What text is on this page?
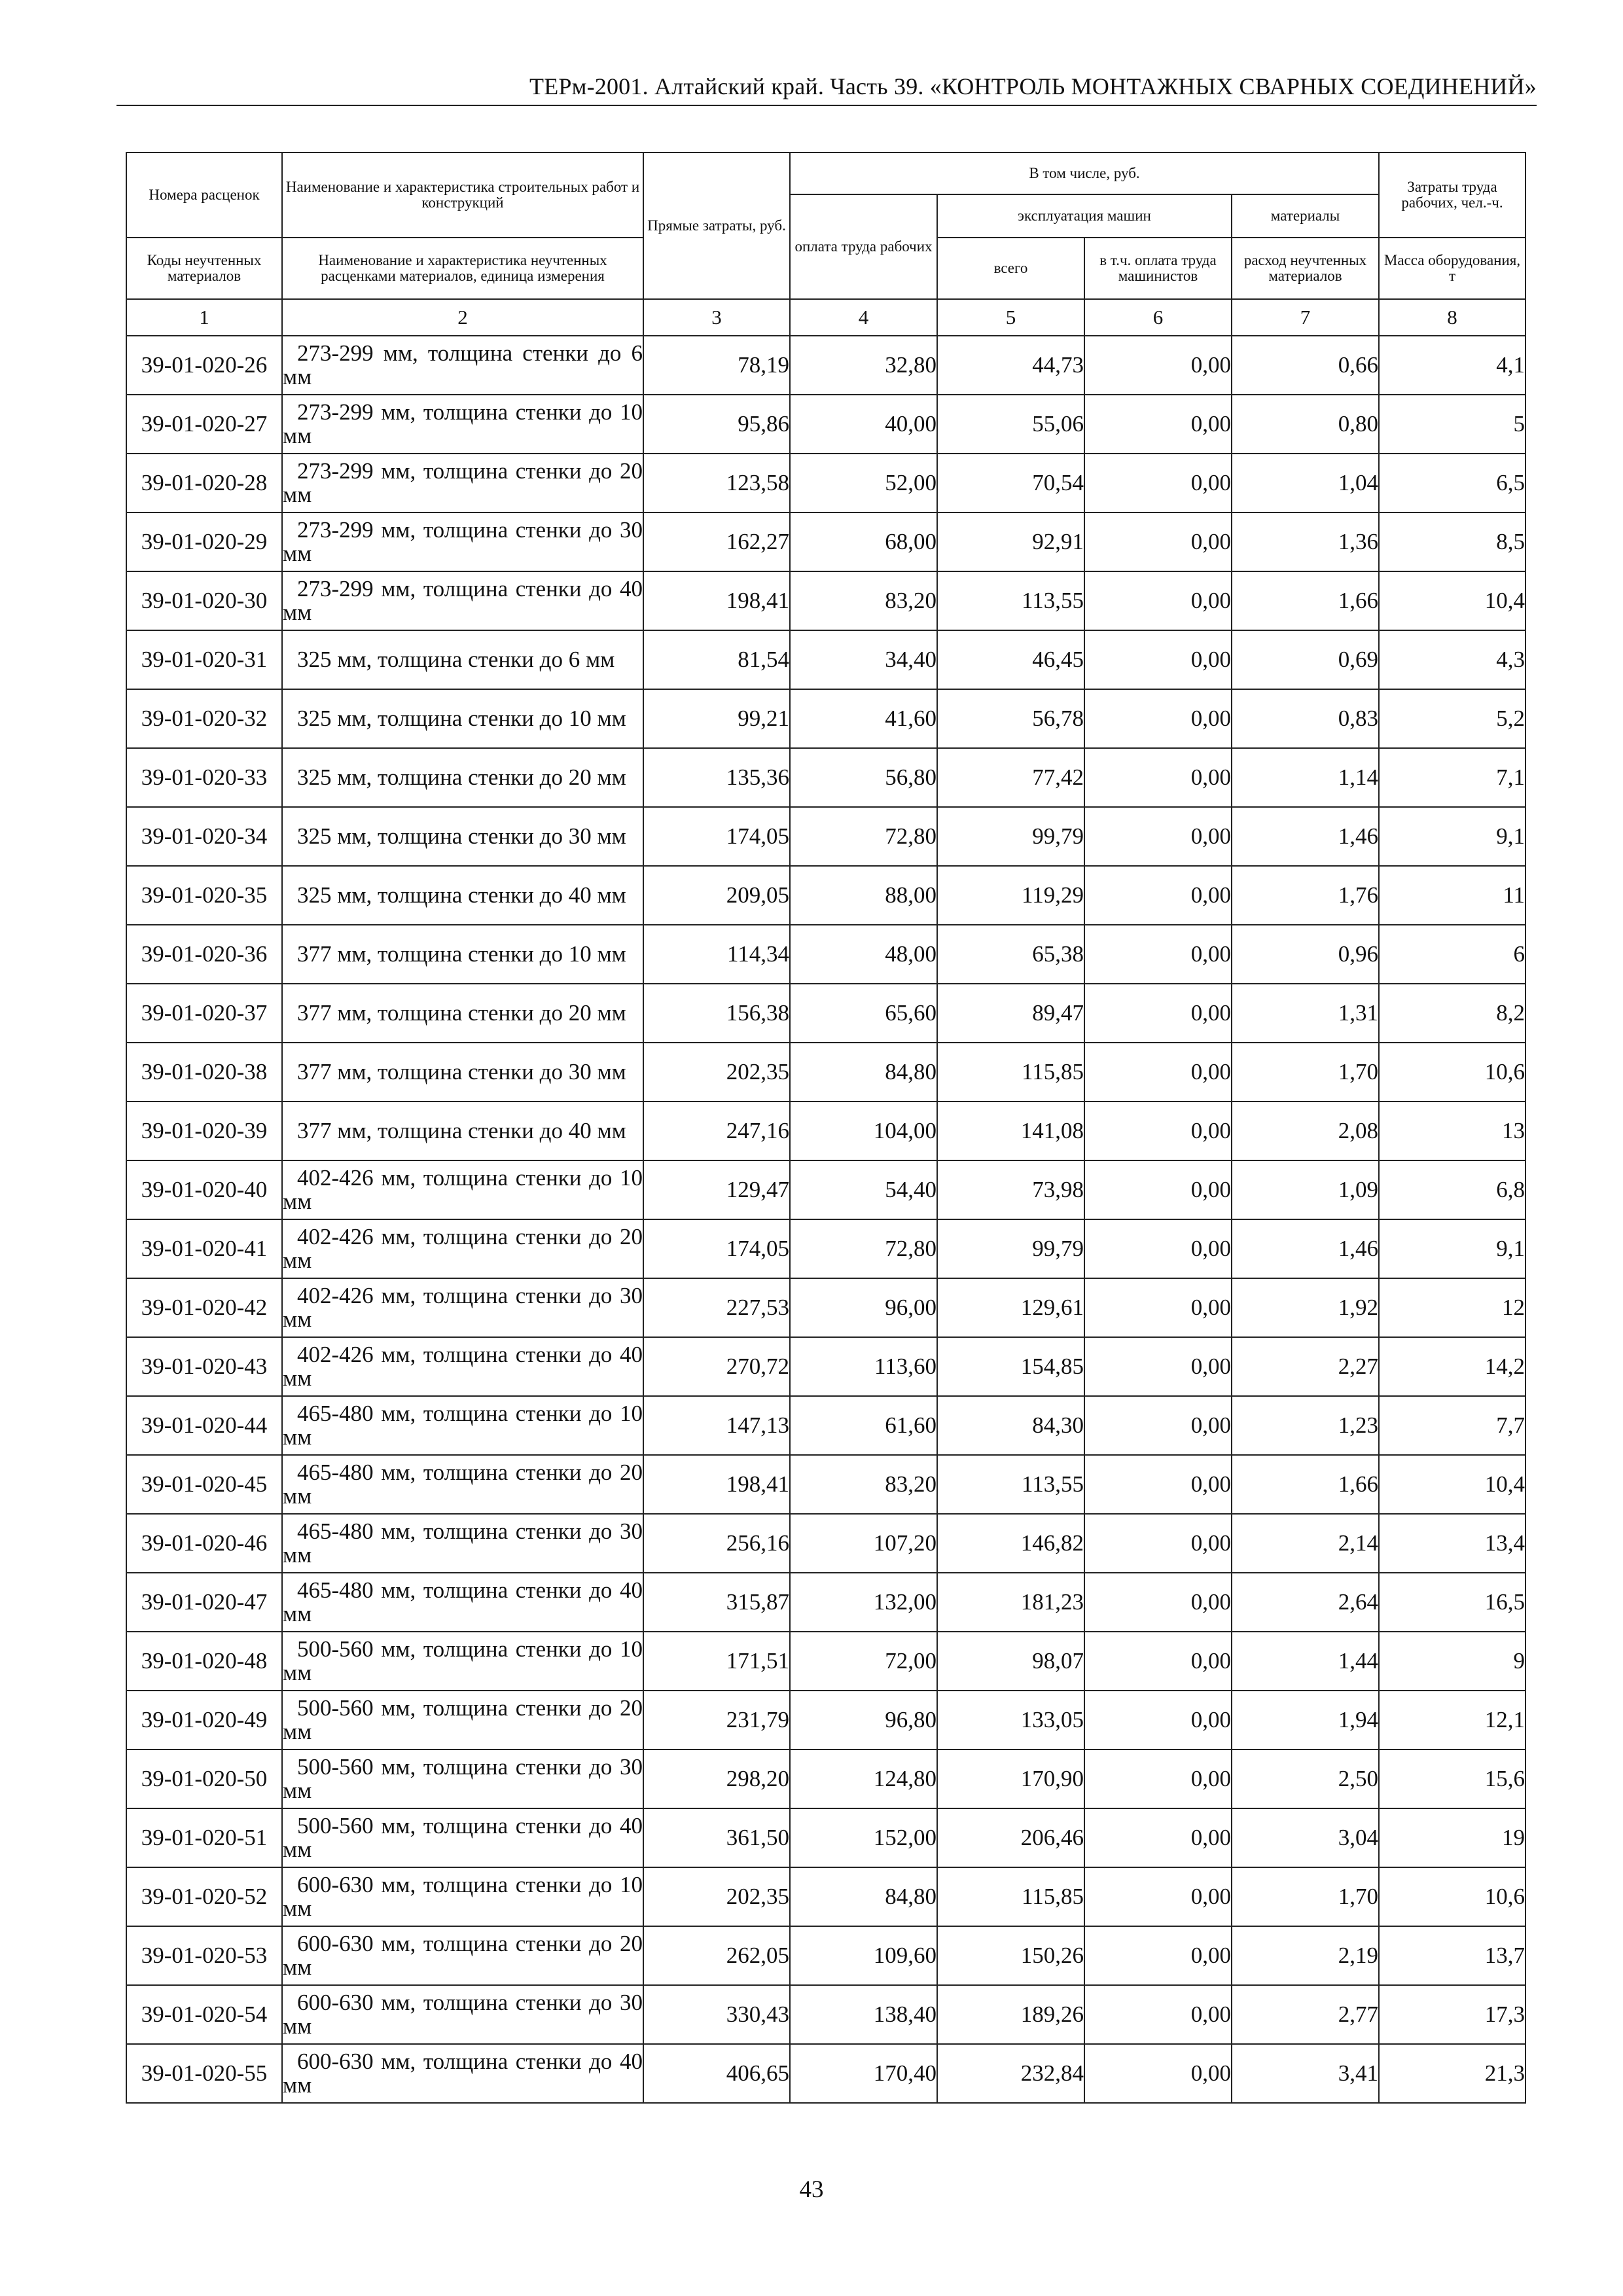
ТЕРм-2001. Алтайский край. Часть 39. «КОНТРОЛЬ МОНТАЖНЫХ СВАРНЫХ СОЕДИНЕНИЙ»
Номера расценок	Наименование и характеристика строительных работ и конструкций	Прямые затраты, руб.	В том числе, руб.				Затраты труда рабочих, чел.-ч.
			оплата труда рабочих	эксплуатация машин		материалы	
Коды неучтенных материалов	Наименование и характеристика неучтенных расценками материалов, единица измерения			всего	в т.ч. оплата труда машинистов	расход неучтенных материалов	Масса оборудования, т
1	2	3	4	5	6	7	8
39-01-020-26	273-299 мм, толщина стенки до 6 мм	78,19	32,80	44,73	0,00	0,66	4,1
39-01-020-27	273-299 мм, толщина стенки до 10 мм	95,86	40,00	55,06	0,00	0,80	5
39-01-020-28	273-299 мм, толщина стенки до 20 мм	123,58	52,00	70,54	0,00	1,04	6,5
39-01-020-29	273-299 мм, толщина стенки до 30 мм	162,27	68,00	92,91	0,00	1,36	8,5
39-01-020-30	273-299 мм, толщина стенки до 40 мм	198,41	83,20	113,55	0,00	1,66	10,4
39-01-020-31	325 мм, толщина стенки до 6 мм	81,54	34,40	46,45	0,00	0,69	4,3
39-01-020-32	325 мм, толщина стенки до 10 мм	99,21	41,60	56,78	0,00	0,83	5,2
39-01-020-33	325 мм, толщина стенки до 20 мм	135,36	56,80	77,42	0,00	1,14	7,1
39-01-020-34	325 мм, толщина стенки до 30 мм	174,05	72,80	99,79	0,00	1,46	9,1
39-01-020-35	325 мм, толщина стенки до 40 мм	209,05	88,00	119,29	0,00	1,76	11
39-01-020-36	377 мм, толщина стенки до 10 мм	114,34	48,00	65,38	0,00	0,96	6
39-01-020-37	377 мм, толщина стенки до 20 мм	156,38	65,60	89,47	0,00	1,31	8,2
39-01-020-38	377 мм, толщина стенки до 30 мм	202,35	84,80	115,85	0,00	1,70	10,6
39-01-020-39	377 мм, толщина стенки до 40 мм	247,16	104,00	141,08	0,00	2,08	13
39-01-020-40	402-426 мм, толщина стенки до 10 мм	129,47	54,40	73,98	0,00	1,09	6,8
39-01-020-41	402-426 мм, толщина стенки до 20 мм	174,05	72,80	99,79	0,00	1,46	9,1
39-01-020-42	402-426 мм, толщина стенки до 30 мм	227,53	96,00	129,61	0,00	1,92	12
39-01-020-43	402-426 мм, толщина стенки до 40 мм	270,72	113,60	154,85	0,00	2,27	14,2
39-01-020-44	465-480 мм, толщина стенки до 10 мм	147,13	61,60	84,30	0,00	1,23	7,7
39-01-020-45	465-480 мм, толщина стенки до 20 мм	198,41	83,20	113,55	0,00	1,66	10,4
39-01-020-46	465-480 мм, толщина стенки до 30 мм	256,16	107,20	146,82	0,00	2,14	13,4
39-01-020-47	465-480 мм, толщина стенки до 40 мм	315,87	132,00	181,23	0,00	2,64	16,5
39-01-020-48	500-560 мм, толщина стенки до 10 мм	171,51	72,00	98,07	0,00	1,44	9
39-01-020-49	500-560 мм, толщина стенки до 20 мм	231,79	96,80	133,05	0,00	1,94	12,1
39-01-020-50	500-560 мм, толщина стенки до 30 мм	298,20	124,80	170,90	0,00	2,50	15,6
39-01-020-51	500-560 мм, толщина стенки до 40 мм	361,50	152,00	206,46	0,00	3,04	19
39-01-020-52	600-630 мм, толщина стенки до 10 мм	202,35	84,80	115,85	0,00	1,70	10,6
39-01-020-53	600-630 мм, толщина стенки до 20 мм	262,05	109,60	150,26	0,00	2,19	13,7
39-01-020-54	600-630 мм, толщина стенки до 30 мм	330,43	138,40	189,26	0,00	2,77	17,3
39-01-020-55	600-630 мм, толщина стенки до 40 мм	406,65	170,40	232,84	0,00	3,41	21,3
43
